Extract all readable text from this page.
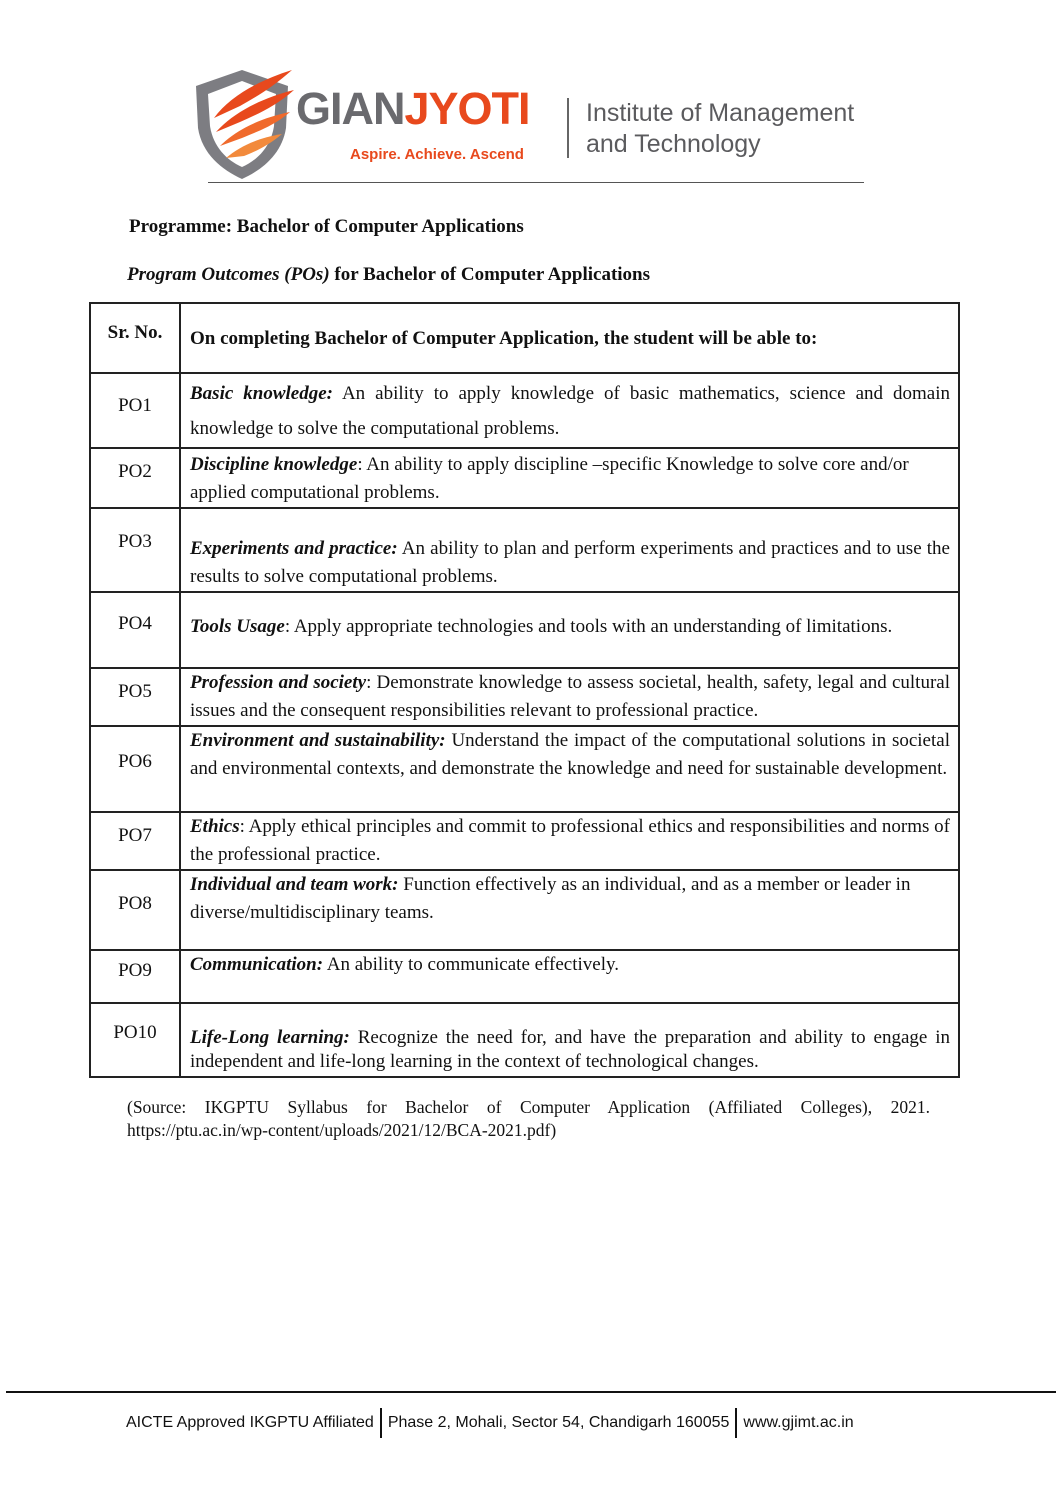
GIANJYOTI
Aspire. Achieve. Ascend
Institute of Management
and Technology
Programme: Bachelor of Computer Applications
Program Outcomes (POs) for Bachelor of Computer Applications
Sr. No.	On completing Bachelor of Computer Application, the student will be able to:
PO1	Basic knowledge: An ability to apply knowledge of basic mathematics, science and domain knowledge to solve the computational problems.
PO2	Discipline knowledge: An ability to apply discipline –specific Knowledge to solve core and/or applied computational problems.
PO3	Experiments and practice: An ability to plan and perform experiments and practices and to use the results to solve computational problems.
PO4	Tools Usage: Apply appropriate technologies and tools with an understanding of limitations.
PO5	Profession and society: Demonstrate knowledge to assess societal, health, safety, legal and cultural issues and the consequent responsibilities relevant to professional practice.
PO6	Environment and sustainability: Understand the impact of the computational solutions in societal and environmental contexts, and demonstrate the knowledge and need for sustainable development.
PO7	Ethics: Apply ethical principles and commit to professional ethics and responsibilities and norms of the professional practice.
PO8	Individual and team work: Function effectively as an individual, and as a member or leader in diverse/multidisciplinary teams.
PO9	Communication: An ability to communicate effectively.
PO10	Life-Long learning: Recognize the need for, and have the preparation and ability to engage in independent and life-long learning in the context of technological changes.
(Source: IKGPTU Syllabus for Bachelor of Computer Application (Affiliated Colleges), 2021. https://ptu.ac.in/wp-content/uploads/2021/12/BCA-2021.pdf)
AICTE Approved IKGPTU Affiliated Phase 2, Mohali, Sector 54, Chandigarh 160055 www.gjimt.ac.in
